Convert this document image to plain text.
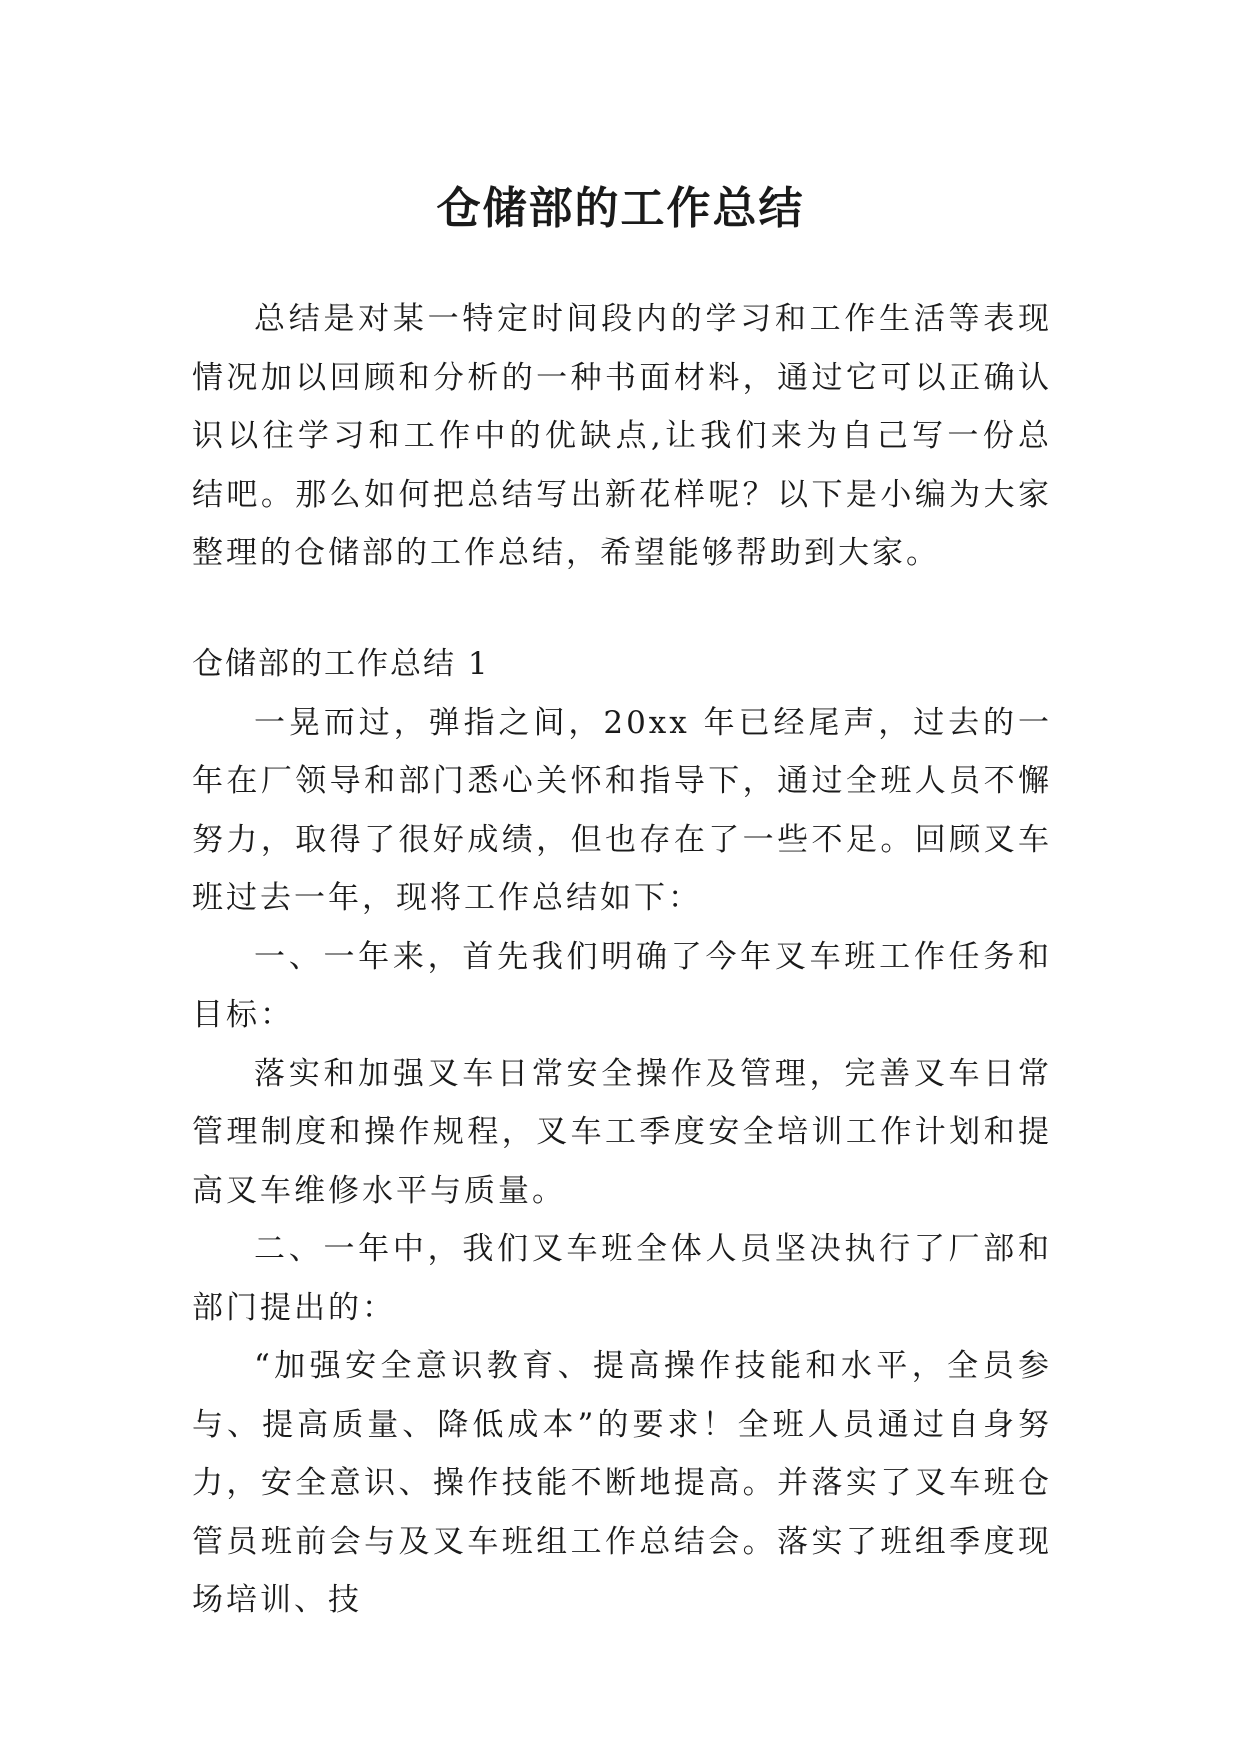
仓储部的工作总结

总结是对某一特定时间段内的学习和工作生活等表现情况加以回顾和分析的一种书面材料，通过它可以正确认识以往学习和工作中的优缺点,让我们来为自己写一份总结吧。那么如何把总结写出新花样呢？以下是小编为大家整理的仓储部的工作总结，希望能够帮助到大家。

仓储部的工作总结 1

一晃而过，弹指之间，20xx 年已经尾声，过去的一年在厂领导和部门悉心关怀和指导下，通过全班人员不懈努力，取得了很好成绩，但也存在了一些不足。回顾叉车班过去一年，现将工作总结如下：

一、一年来，首先我们明确了今年叉车班工作任务和目标：

落实和加强叉车日常安全操作及管理，完善叉车日常管理制度和操作规程，叉车工季度安全培训工作计划和提高叉车维修水平与质量。

二、一年中，我们叉车班全体人员坚决执行了厂部和部门提出的：

“加强安全意识教育、提高操作技能和水平，全员参与、提高质量、降低成本”的要求！全班人员通过自身努力，安全意识、操作技能不断地提高。并落实了叉车班仓管员班前会与及叉车班组工作总结会。落实了班组季度现场培训、技
